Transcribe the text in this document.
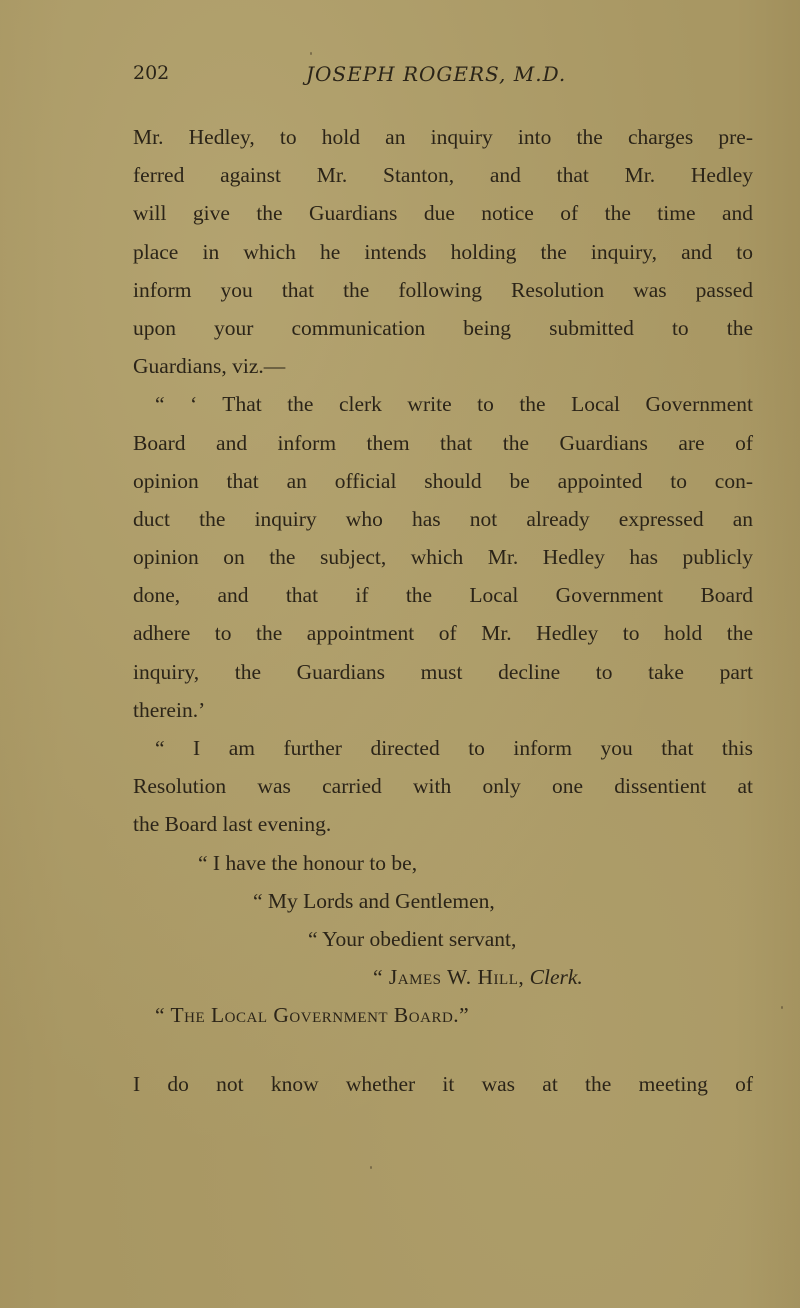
202	JOSEPH ROGERS, M.D.
Mr. Hedley, to hold an inquiry into the charges pre-
ferred against Mr. Stanton, and that Mr. Hedley
will give the Guardians due notice of the time and
place in which he intends holding the inquiry, and to
inform you that the following Resolution was passed
upon your communication being submitted to the
Guardians, viz.—
“ ‘ That the clerk write to the Local Government
Board and inform them that the Guardians are of
opinion that an official should be appointed to con-
duct the inquiry who has not already expressed an
opinion on the subject, which Mr. Hedley has publicly
done, and that if the Local Government Board
adhere to the appointment of Mr. Hedley to hold the
inquiry, the Guardians must decline to take part
therein.’
“ I am further directed to inform you that this
Resolution was carried with only one dissentient at
the Board last evening.
“ I have the honour to be,
“ My Lords and Gentlemen,
“ Your obedient servant,
“ James W. Hill, Clerk.
“ The Local Government Board.”
I do not know whether it was at the meeting of
